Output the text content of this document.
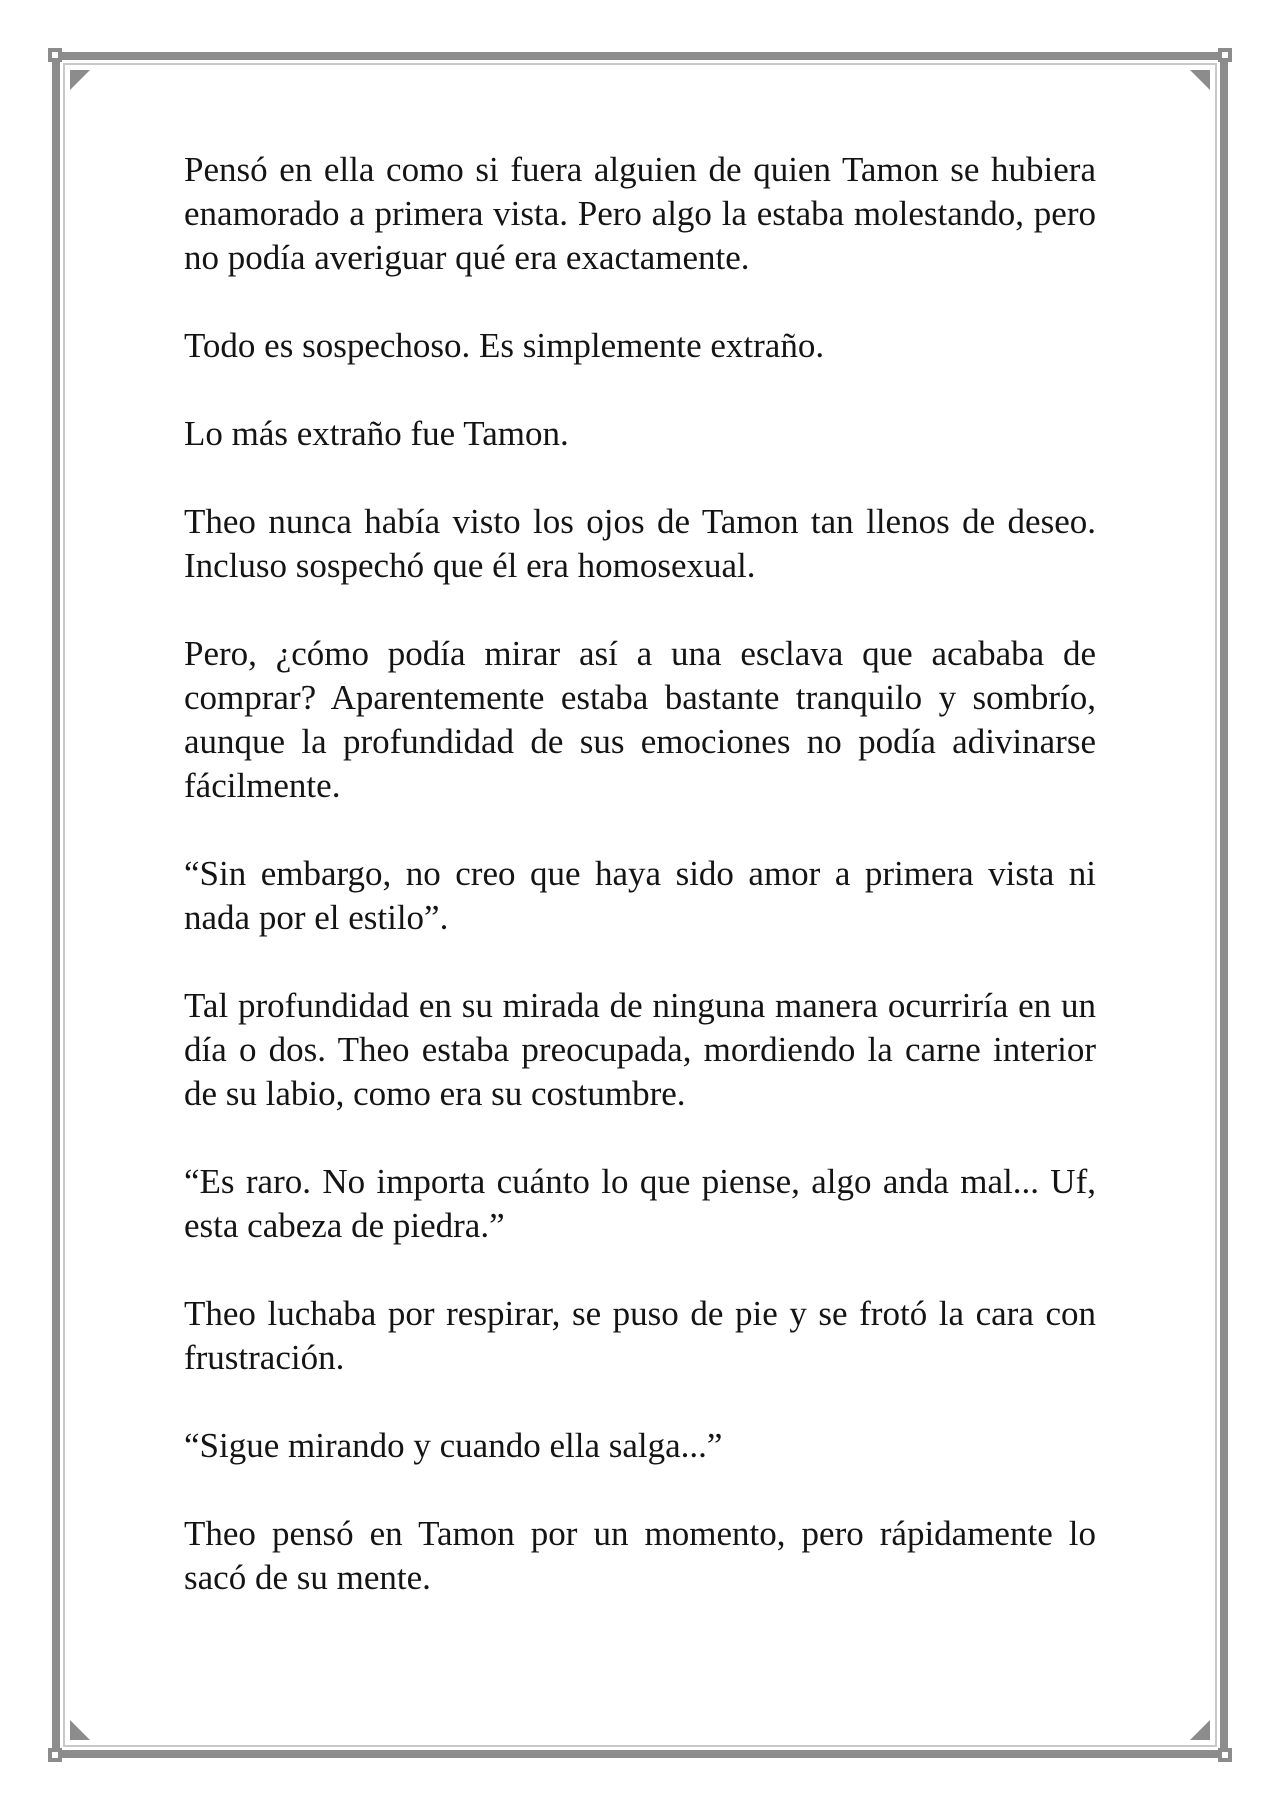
Pensó en ella como si fuera alguien de quien Tamon se hubiera enamorado a primera vista. Pero algo la estaba molestando, pero no podía averiguar qué era exactamente.

Todo es sospechoso. Es simplemente extraño.

Lo más extraño fue Tamon.

Theo nunca había visto los ojos de Tamon tan llenos de deseo. Incluso sospechó que él era homosexual.

Pero, ¿cómo podía mirar así a una esclava que acababa de comprar? Aparentemente estaba bastante tranquilo y sombrío, aunque la profundidad de sus emociones no podía adivinarse fácilmente.

“Sin embargo, no creo que haya sido amor a primera vista ni nada por el estilo”.

Tal profundidad en su mirada de ninguna manera ocurriría en un día o dos. Theo estaba preocupada, mordiendo la carne interior de su labio, como era su costumbre.

“Es raro. No importa cuánto lo que piense, algo anda mal... Uf, esta cabeza de piedra.”

Theo luchaba por respirar, se puso de pie y se frotó la cara con frustración.

“Sigue mirando y cuando ella salga...”

Theo pensó en Tamon por un momento, pero rápidamente lo sacó de su mente.
